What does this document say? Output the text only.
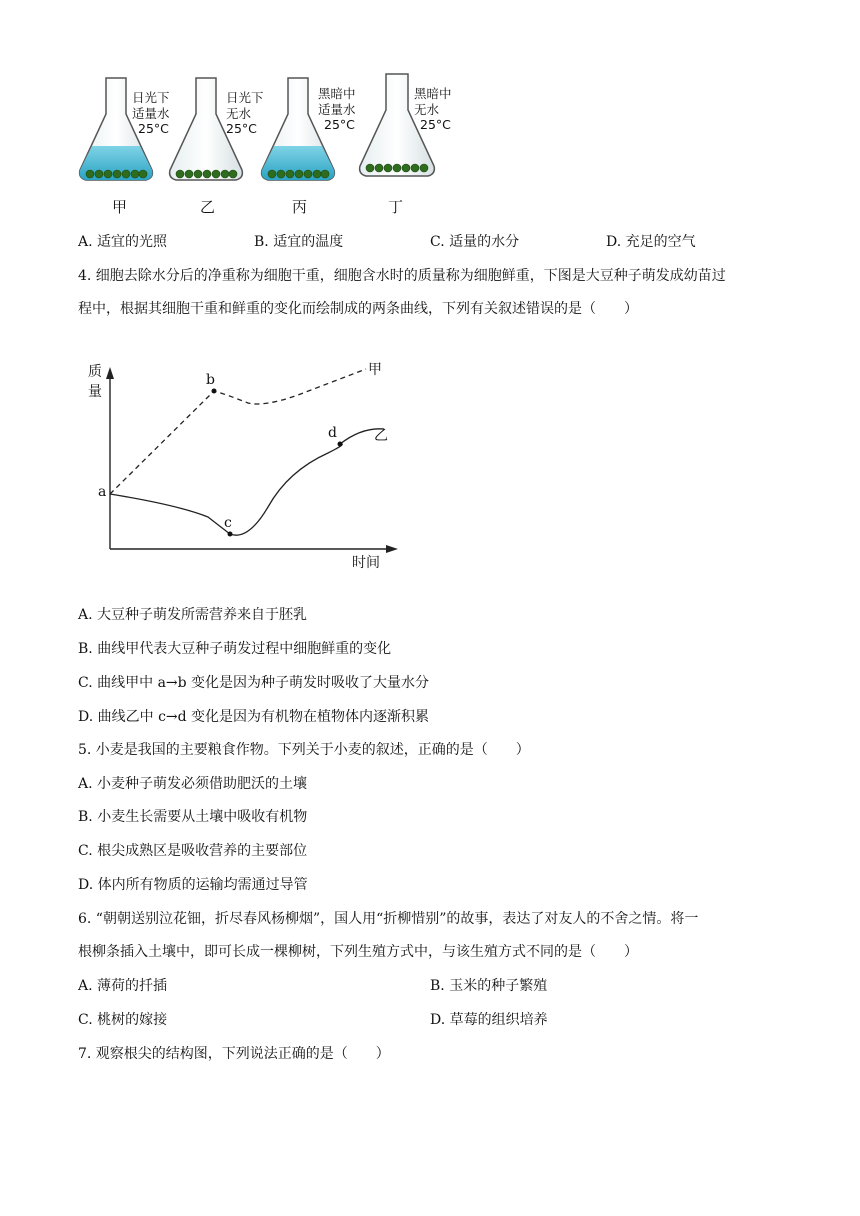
日光下
适量水
25°C
日光下
无水
25°C
黑暗中
适量水
25°C
黑暗中
无水
25°C
甲	乙	丙	丁
A. 适宜的光照	B. 适宜的温度	C. 适量的水分	D. 充足的空气
4. 细胞去除水分后的净重称为细胞干重，细胞含水时的质量称为细胞鲜重，下图是大豆种子萌发成幼苗过
程中，根据其细胞干重和鲜重的变化而绘制成的两条曲线，下列有关叙述错误的是（　　）
质
量
时间
甲
乙
a
b
c
d
A. 大豆种子萌发所需营养来自于胚乳
B. 曲线甲代表大豆种子萌发过程中细胞鲜重的变化
C. 曲线甲中 a→b 变化是因为种子萌发时吸收了大量水分
D. 曲线乙中 c→d 变化是因为有机物在植物体内逐渐积累
5. 小麦是我国的主要粮食作物。下列关于小麦的叙述，正确的是（　　）
A. 小麦种子萌发必须借助肥沃的土壤
B. 小麦生长需要从土壤中吸收有机物
C. 根尖成熟区是吸收营养的主要部位
D. 体内所有物质的运输均需通过导管
6. “朝朝送别泣花钿，折尽春风杨柳烟”，国人用“折柳惜别”的故事，表达了对友人的不舍之情。将一
根柳条插入土壤中，即可长成一棵柳树，下列生殖方式中，与该生殖方式不同的是（　　）
A. 薄荷的扦插	B. 玉米的种子繁殖
C. 桃树的嫁接	D. 草莓的组织培养
7. 观察根尖的结构图，下列说法正确的是（　　）
